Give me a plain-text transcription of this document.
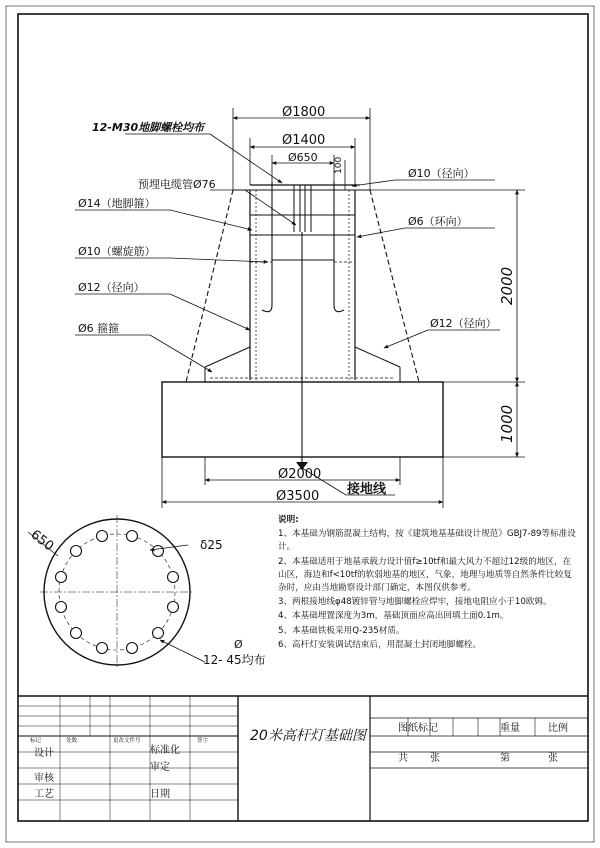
Ø1800
Ø1400
Ø650 100
2000
1000
Ø2000
Ø3500 接地线
12-M30地脚螺栓均布
预埋电缆管Ø76
Ø14（地脚箍）
Ø10（螺旋筋）
Ø12（径向）
Ø6 箍箍
Ø10（径向）
Ø6（环向）
Ø12（径向）
650	δ25
Ø
12- 45均布
标记	处数	更改文件号	签字
设计	标准化
审定
审核
工艺	日期
20米高杆灯基础图	图纸标记	重量	比例
共 张	第	张
说明:

1、本基础为钢筋混凝土结构，按《建筑地基基础设计规范》GBJ7-89等标准设计。

2、本基础适用于地基承载力设计值f≥10tf和最大风力不超过12级的地区，在山区，海边和f<10tf的软弱地基的地区，气象，地理与地质等自然条件比较复杂时，应由当地勘察设计部门确定，本图仅供参考。

3、两根接地线φ48镀锌管与地脚螺栓应焊牢，接地电阻应小于10欧姆。

4、本基础埋置深度为3m，基础顶面应高出回填土面0.1m。

5、本基础铁板采用Q-235材质。

6、高杆灯安装调试结束后，用混凝土封闭地脚螺栓。
